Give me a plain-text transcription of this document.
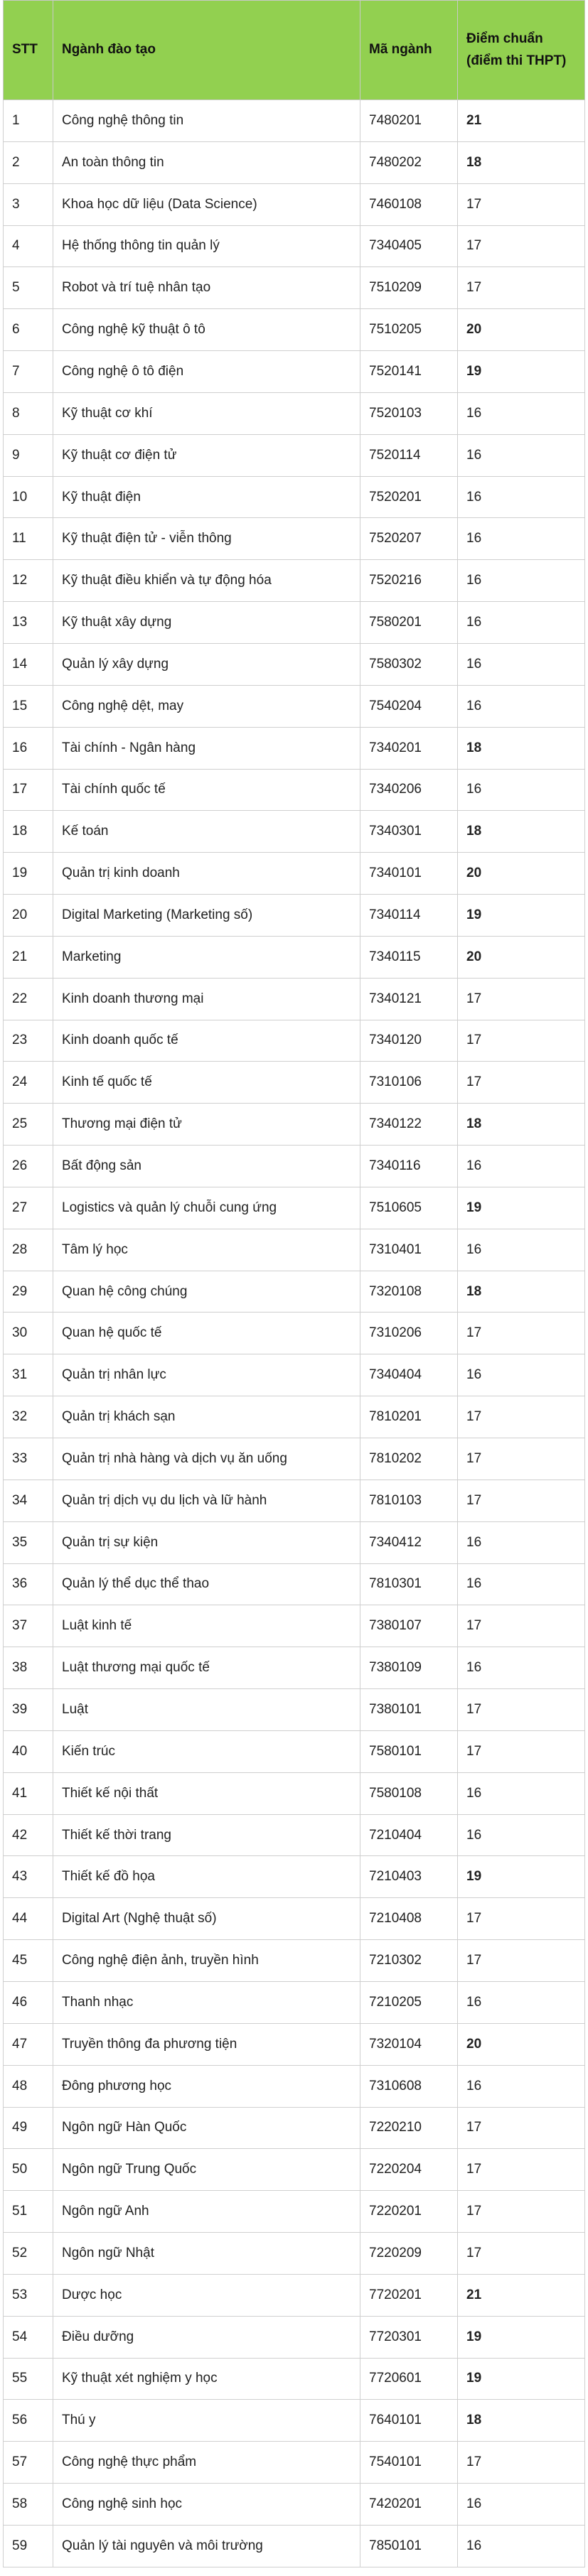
STT	Ngành đào tạo	Mã ngành	Điểm chuẩn (điểm thi THPT)
1	Công nghệ thông tin	7480201	21
2	An toàn thông tin	7480202	18
3	Khoa học dữ liệu (Data Science)	7460108	17
4	Hệ thống thông tin quản lý	7340405	17
5	Robot và trí tuệ nhân tạo	7510209	17
6	Công nghệ kỹ thuật ô tô	7510205	20
7	Công nghệ ô tô điện	7520141	19
8	Kỹ thuật cơ khí	7520103	16
9	Kỹ thuật cơ điện tử	7520114	16
10	Kỹ thuật điện	7520201	16
11	Kỹ thuật điện tử - viễn thông	7520207	16
12	Kỹ thuật điều khiển và tự động hóa	7520216	16
13	Kỹ thuật xây dựng	7580201	16
14	Quản lý xây dựng	7580302	16
15	Công nghệ dệt, may	7540204	16
16	Tài chính - Ngân hàng	7340201	18
17	Tài chính quốc tế	7340206	16
18	Kế toán	7340301	18
19	Quản trị kinh doanh	7340101	20
20	Digital Marketing (Marketing số)	7340114	19
21	Marketing	7340115	20
22	Kinh doanh thương mại	7340121	17
23	Kinh doanh quốc tế	7340120	17
24	Kinh tế quốc tế	7310106	17
25	Thương mại điện tử	7340122	18
26	Bất động sản	7340116	16
27	Logistics và quản lý chuỗi cung ứng	7510605	19
28	Tâm lý học	7310401	16
29	Quan hệ công chúng	7320108	18
30	Quan hệ quốc tế	7310206	17
31	Quản trị nhân lực	7340404	16
32	Quản trị khách sạn	7810201	17
33	Quản trị nhà hàng và dịch vụ ăn uống	7810202	17
34	Quản trị dịch vụ du lịch và lữ hành	7810103	17
35	Quản trị sự kiện	7340412	16
36	Quản lý thể dục thể thao	7810301	16
37	Luật kinh tế	7380107	17
38	Luật thương mại quốc tế	7380109	16
39	Luật	7380101	17
40	Kiến trúc	7580101	17
41	Thiết kế nội thất	7580108	16
42	Thiết kế thời trang	7210404	16
43	Thiết kế đồ họa	7210403	19
44	Digital Art (Nghệ thuật số)	7210408	17
45	Công nghệ điện ảnh, truyền hình	7210302	17
46	Thanh nhạc	7210205	16
47	Truyền thông đa phương tiện	7320104	20
48	Đông phương học	7310608	16
49	Ngôn ngữ Hàn Quốc	7220210	17
50	Ngôn ngữ Trung Quốc	7220204	17
51	Ngôn ngữ Anh	7220201	17
52	Ngôn ngữ Nhật	7220209	17
53	Dược học	7720201	21
54	Điều dưỡng	7720301	19
55	Kỹ thuật xét nghiệm y học	7720601	19
56	Thú y	7640101	18
57	Công nghệ thực phẩm	7540101	17
58	Công nghệ sinh học	7420201	16
59	Quản lý tài nguyên và môi trường	7850101	16
